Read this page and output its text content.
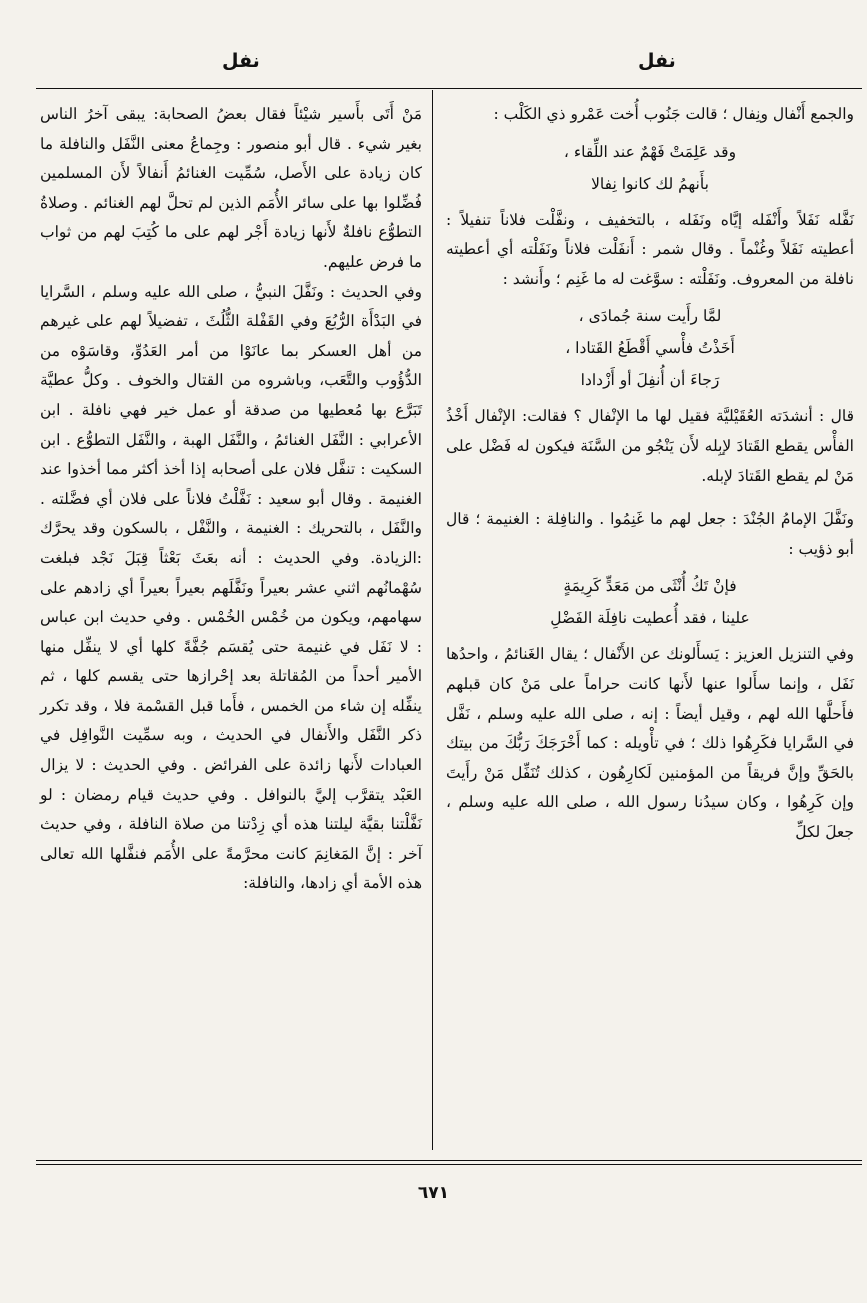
نفل	نفل

والجمع أَنْفال ونِفال ؛ قالت جَنُوب أُخت عَمْرو ذي الكَلْب :

وقد عَلِمَتْ فَهْمٌ عند اللِّقاء ،
بأَنهمُ لك كانوا نِفالا

نَفَّله نَفَلاً وأَنْفَله إيَّاه ونَفَله ، بالتخفيف ، ونفَّلْت فلاناً تنفيلاً : أعطيته نَفَلاً وغُنْماً . وقال شمر : أَنفَلْت فلاناً ونَفَلْته أي أعطيته نافلة من المعروف. ونَفَلْته : سوَّغت له ما غَنِم ؛ وأَنشد :

لمَّا رأَيت سنة جُمادَى ،
أَخَذْتُ فأْسي أَقْطَعُ القَتادا ،
رَجاءَ أن أُنفِلَ أو أَزْدادا

قال : أنشدَته العُقَيْليَّة فقيل لها ما الإنْفال ؟ فقالت: الإنْفال أَخْذُ الفأْس يقطع القَتادَ لإبِله لأَن يَنْجُو من السَّنَة فيكون له فَضْل على مَنْ لم يقطع القَتادَ لإبله.

ونَفَّلَ الإمامُ الجُنْدَ : جعل لهم ما غَنِمُوا . والنافِلة : الغنيمة ؛ قال أبو ذؤيب :

فإنْ تَكُ أُنْثَى من مَعَدٍّ كَرِيمَةٍ
علينا ، فقد أُعطيت نافِلَة الفَضْلِ

وفي التنزيل العزيز : يَسأَلونك عن الأَنْفال ؛ يقال الغَنائمُ ، واحدُها نَفَل ، وإنما سأَلوا عنها لأَنها كانت حراماً على مَنْ كان قبلهم فأَحلَّها الله لهم ، وقيل أيضاً : إنه ، صلى الله عليه وسلم ، نَفَّل في السَّرايا فكَرِهُوا ذلك ؛ في تأْويله : كما أَخْرَجَكَ رَبُّكَ من بيتك بالحَقِّ وإنَّ فريقاً من المؤمنين لَكارِهُون ، كذلك تُنَفِّل مَنْ رأَيتَ وإن كَرِهُوا ، وكان سيدُنا رسول الله ، صلى الله عليه وسلم ، جعلَ لكلِّ

مَنْ أَتَى بأَسير شيْئاً فقال بعضُ الصحابة: يبقى آخرُ الناس بغير شيء . قال أبو منصور : وجِماعُ معنى النَّفَل والنافلة ما كان زيادة على الأَصل، سُمِّيت الغنائمُ أَنفالاً لأَن المسلمين فُضِّلوا بها على سائر الأُمَم الذين لم تحلَّ لهم الغنائم . وصلاةُ التطوُّع نافلةٌ لأَنها زيادة أَجْر لهم على ما كُتِبَ لهم من ثواب ما فرض عليهم.

وفي الحديث : ونَفَّلَ النبيُّ ، صلى الله عليه وسلم ، السَّرايا في البَدْأَة الرُّبُعَ وفي القَفْلة الثُّلُثَ ، تفضيلاً لهم على غيرهم من أهل العسكر بما عانَوْا من أمر العَدُوِّ، وقاسَوْه من الدُّؤُوب والتَّعَب، وباشروه من القتال والخوف . وكلُّ عطيَّة تَبَرَّع بها مُعطيها من صدقة أو عمل خير فهي نافلة . ابن الأعرابي : النَّفَل الغنائمُ ، والنَّفَل الهبة ، والنَّفَل التطوُّع . ابن السكيت : تنفَّل فلان على أصحابه إذا أخذ أكثر مما أخذوا عند الغنيمة . وقال أبو سعيد : نَفَّلْتُ فلاناً على فلان أي فضَّلته . والنَّفَل ، بالتحريك : الغنيمة ، والنَّفْل ، بالسكون وقد يحرَّك :الزيادة. وفي الحديث : أنه بعَثَ بَعْثاً قِبَلَ نَجْد فبلغت سُهْمانُهم اثني عشر بعيراً ونَفَّلَهم بعيراً بعيراً أي زادهم على سهامهم، ويكون من خُمْس الخُمْس . وفي حديث ابن عباس : لا نَفَل في غنيمة حتى يُقسَم جُفَّةً كلها أي لا ينفِّل منها الأمير أحداً من المُقاتلة بعد إحْرازها حتى يقسم كلها ، ثم ينفِّله إن شاء من الخمس ، فأَما قبل القسْمة فلا ، وقد تكرر ذكر النَّفَل والأَنفال في الحديث ، وبه سمِّيت النَّوافِل في العبادات لأَنها زائدة على الفرائض . وفي الحديث : لا يزال العَبْد يتقرَّب إليَّ بالنوافل . وفي حديث قيام رمضان : لو نَفَّلْتنا بقيَّة ليلتنا هذه أي زِدْتنا من صلاة النافلة ، وفي حديث آخر : إنَّ المَغانِمَ كانت محرَّمةً على الأُمَم فنفَّلها الله تعالى هذه الأمة أي زادها، والنافلة:

٦٧١
